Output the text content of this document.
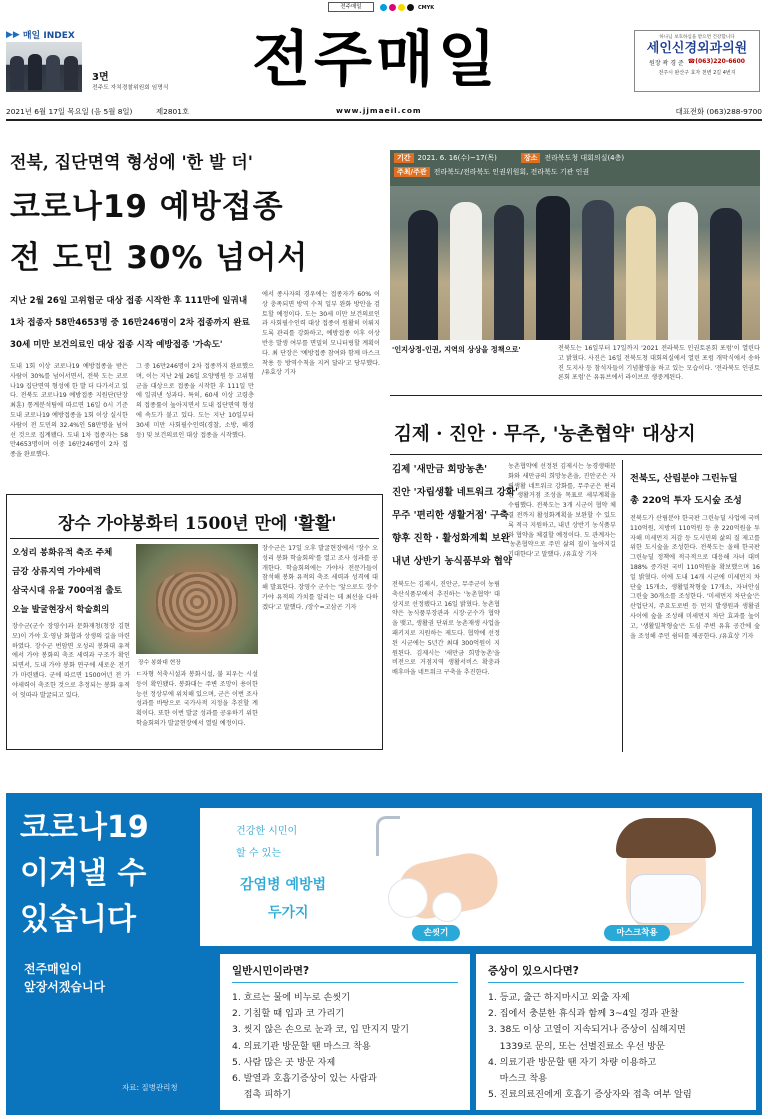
전주매일	CMYK
▶▶ 매일 INDEX
3면
전주도 자치경찰위원회 임명식 전주매일	하나님 보호하심을 받으면 건강합니다
세인신경외과의원
원장 곽 경 준 ☎(063)220-6600
전주시 완산구 효자 천변 2길 4번지
2021년 6월 17일 목요일 (음 5월 8일)	제2801호	www.jjmaeil.com	대표전화 (063)288-9700
전북, 집단면역 형성에 '한 발 더'
코로나19 예방접종
전 도민 30% 넘어서
지난 2월 26일 고위험군 대상 접종 시작한 후 111만에 일궈내
1차 접종자 58만4653명 중 16만246명이 2차 접종까지 완료
30세 미만 보건의료인 대상 접종 시작 예방접종 '가속도'
도내 1회 이상 코로나19 예방접종을 받은 사람이 30%를 넘어서면서, 전북 도는 코로나19 집단면역 형성에 한 발 더 다가서고 있다. 전북도 코로나19 예방접종 지원단(단장 최훈) 통계분석팀에 따르면 16일 0시 기준 도내 코로나19 예방접종을 1회 이상 실시한 사람이 전 도민의 32.4%인 58만명을 넘어선 것으로 집계됐다. 도내 1차 접종자는 58만4653명이며 이중 16만246명이 2차 접종을 완료했다.
그 중 16만246명이 2차 접종까지 완료했으며, 이는 지난 2월 26일 요양병원 등 고위험군을 대상으로 접종을 시작한 후 111일 만에 일궈낸 성과다. 특히, 60세 이상 고령층의 접종률이 높아지면서 도내 집단면역 형성에 속도가 붙고 있다. 도는 지난 10일부터 30세 미만 사회필수인력(경찰, 소방, 해경 등) 및 보건의료인 대상 접종을 시작했다.
에서 종사자의 경우에는 접종자가 60% 이상 충족되면 방역 수칙 일부 완화 방안을 검토할 예정이다. 도는 30세 미만 보건의료인과 사회필수인력 대상 접종이 원활히 이뤄지도록 관리를 강화하고, 예방접종 이후 이상반응 발생 여부를 면밀히 모니터링할 계획이다. 최 단장은 '예방접종 참여와 함께 마스크 착용 등 방역수칙을 지켜 달라'고 당부했다. /유효상 기자
기간	2021. 6. 16(수)~17(목)	장소	전라북도청 대회의실(4층)
주최/주관	전라북도/전라북도 인권위원회, 전라북도 기관 인권
'인지상정-인권, 지역의 상상을 정책으로'	전북도는 16일부터 17일까지 '2021 전라북도 인권토론회 포럼'이 열린다고 밝혔다. 사진은 16일 전북도청 대회의실에서 열린 포럼 개막식에서 송하진 도지사 등 참석자들이 기념촬영을 하고 있는 모습이다. '전라북도 인권토론회 포럼'은 유튜브에서 라이브로 생중계된다.
김제 · 진안 · 무주, '농촌협약' 대상지
김제 '새만금 희망농촌'
진안 '자립생활 네트워크 강화'
무주 '편리한 생활거점' 구축
향후 진학 · 활성화계획 보완
내년 상반기 농식품부와 협약
전북도는 김제시, 진안군, 무주군이 농림축산식품부에서 추진하는 '농촌협약' 대상지로 선정됐다고 16일 밝혔다. 농촌협약은 농식품부장관과 시장·군수가 협약을 맺고, 생활권 단위로 농촌재생 사업을 패키지로 지원하는 제도다. 협약에 선정된 시군에는 5년간 최대 300억원이 지원된다. 김제시는 '새만금 희망농촌'을 비전으로 거점지역 생활서비스 확충과 배후마을 네트워크 구축을 추진한다.
농촌협약에 선정된 김제시는 농경생태문화와 새만금의 희망농촌을, 진안군은 자립생활 네트워크 강화를, 무주군은 편리한 생활거점 조성을 목표로 세부계획을 수립했다. 전북도는 3개 시군이 협약 체결 전까지 활성화계획을 보완할 수 있도록 적극 지원하고, 내년 상반기 농식품부와 협약을 체결할 예정이다. 도 관계자는 '농촌협약으로 주민 삶의 질이 높아지길 기대한다'고 말했다. /유효상 기자
전북도, 산림분야 그린뉴딜
총 220억 투자 도시숲 조성
전북도가 산림분야 한국판 그린뉴딜 사업에 국비 110억원, 지방비 110억원 등 총 220억원을 투자해 미세먼지 저감 등 도시민의 삶의 질 제고를 위한 도시숲을 조성한다. 전북도는 올해 한국판 그린뉴딜 정책에 적극적으로 대응해 자녀 대비 188% 증가된 국비 110억원을 확보했으며 16일 밝혔다. 이에 도내 14개 시군에 미세먼지 차단숲 15개소, 생활밀착형숲 17개소, 자녀안심 그린숲 30개소를 조성한다. '미세먼지 차단숲'은 산업단지, 주요도로변 등 먼지 발생원과 생활권 사이에 숲을 조성해 미세먼지 차단 효과를 높이고, '생활밀착형숲'은 도심 주변 유휴 공간에 숲을 조성해 주민 쉼터를 제공한다. /유효상 기자
장수 가야봉화터 1500년 만에 '활활'
오성리 봉화유적 축조 주체
금강 상류지역 가야세력
삼국시대 유물 700여점 출토
오늘 발굴현장서 학술회의
장수군(군수 장영수)과 문화재청(청장 김현모)이 가야 호·영남 화합과 상생의 길을 마련하였다. 장수군 번암면 오성리 봉화대 유적에서 가야 봉화의 축조 세력과 구조가 확인되면서, 도내 가야 봉화 연구에 새로운 전기가 마련됐다. 군에 따르면 1500여년 전 가야세력이 축조한 것으로 추정되는 봉화 유적이 잇따라 발굴되고 있다.
장수 봉화대 현장
ㄷ자형 석축시설과 봉화시설, 불 피우는 시설 등이 확인됐다. 봉화대는 주변 조망이 용이한 능선 정상부에 위치해 있으며, 군은 이번 조사 성과를 바탕으로 국가사적 지정을 추진할 계획이다. 또한 이번 발굴 성과를 공유하기 위한 학술회의가 발굴현장에서 열릴 예정이다.
장수군은 17일 오후 발굴현장에서 '장수 오성리 봉화 학술회의'를 열고 조사 성과를 공개한다. 학술회의에는 가야사 전문가들이 참석해 봉화 유적의 축조 세력과 성격에 대해 발표한다. 장영수 군수는 '앞으로도 장수가야 유적의 가치를 알리는 데 최선을 다하겠다'고 말했다. /장수=고삼곤 기자
코로나19
이겨낼 수
있습니다
전주매일이
앞장서겠습니다
자료: 질병관리청
건강한 시민이
할 수 있는
감염병 예방법
두가지
손씻기	마스크착용
일반시민이라면?
1. 흐르는 물에 비누로 손씻기
2. 기침할 때 입과 코 가리기
3. 씻지 않은 손으로 눈과 코, 입 만지지 말기
4. 의료기관 방문할 땐 마스크 착용
5. 사람 많은 곳 방문 자제
6. 발열과 호흡기증상이 있는 사람과
접촉 피하기
증상이 있으시다면?
1. 등교, 출근 하지마시고 외출 자제
2. 집에서 충분한 휴식과 함께 3~4일 경과 관찰
3. 38도 이상 고열이 지속되거나 증상이 심해지면
1339로 문의, 또는 선별진료소 우선 방문
4. 의료기관 방문할 땐 자기 차량 이용하고
마스크 착용
5. 진료의료진에게 호흡기 증상자와 접촉 여부 알림
